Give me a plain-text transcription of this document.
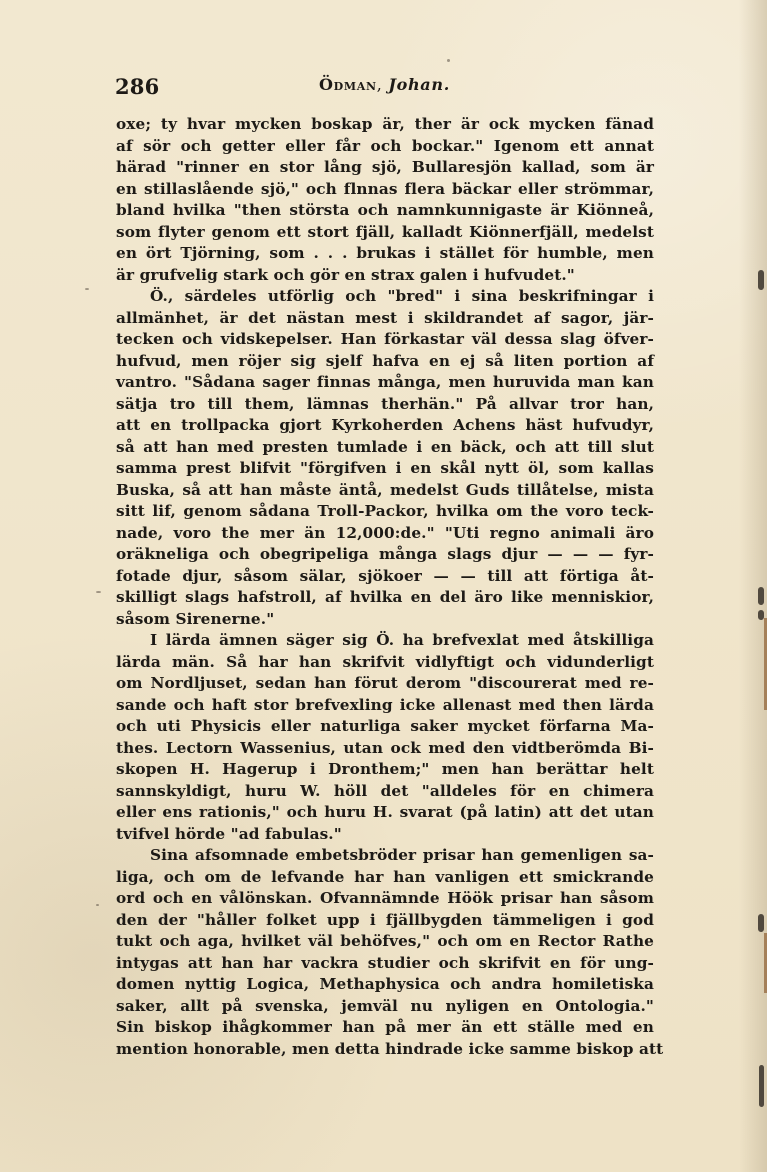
286	Ödman, Johan.
oxe; ty hvar mycken boskap är, ther är ock mycken fänad
af sör och getter eller får och bockar." Igenom ett annat
härad "rinner en stor lång sjö, Bullaresjön kallad, som är
en stillaslående sjö," och flnnas flera bäckar eller strömmar,
bland hvilka "then största och namnkunnigaste är Kiönneå,
som flyter genom ett stort fjäll, kalladt Kiönnerfjäll, medelst
en ört Tjörning, som . . . brukas i stället för humble, men
är grufvelig stark och gör en strax galen i hufvudet."
Ö., särdeles utförlig och "bred" i sina beskrifningar i
allmänhet, är det nästan mest i skildrandet af sagor, jär-
tecken och vidskepelser. Han förkastar väl dessa slag öfver-
hufvud, men röjer sig sjelf hafva en ej så liten portion af
vantro. "Sådana sager finnas många, men huruvida man kan
sätja tro till them, lämnas therhän." På allvar tror han,
att en trollpacka gjort Kyrkoherden Achens häst hufvudyr,
så att han med presten tumlade i en bäck, och att till slut
samma prest blifvit "förgifven i en skål nytt öl, som kallas
Buska, så att han måste äntå, medelst Guds tillåtelse, mista
sitt lif, genom sådana Troll-Packor, hvilka om the voro teck-
nade, voro the mer än 12,000:de." "Uti regno animali äro
oräkneliga och obegripeliga många slags djur — — — fyr-
fotade djur, såsom sälar, sjökoer — — till att förtiga åt-
skilligt slags hafstroll, af hvilka en del äro like menniskior,
såsom Sirenerne."
I lärda ämnen säger sig Ö. ha brefvexlat med åtskilliga
lärda män. Så har han skrifvit vidlyftigt och vidunderligt
om Nordljuset, sedan han förut derom "discourerat med re-
sande och haft stor brefvexling icke allenast med then lärda
och uti Physicis eller naturliga saker mycket förfarna Ma-
thes. Lectorn Wassenius, utan ock med den vidtberömda Bi-
skopen H. Hagerup i Dronthem;" men han berättar helt
sannskyldigt, huru W. höll det "alldeles för en chimera
eller ens rationis," och huru H. svarat (på latin) att det utan
tvifvel hörde "ad fabulas."
Sina afsomnade embetsbröder prisar han gemenligen sa-
liga, och om de lefvande har han vanligen ett smickrande
ord och en vålönskan. Ofvannämnde Höök prisar han såsom
den der "håller folket upp i fjällbygden tämmeligen i god
tukt och aga, hvilket väl behöfves," och om en Rector Rathe
intygas att han har vackra studier och skrifvit en för ung-
domen nyttig Logica, Methaphysica och andra homiletiska
saker, allt på svenska, jemväl nu nyligen en Ontologia."
Sin biskop ihågkommer han på mer än ett ställe med en
mention honorable, men detta hindrade icke samme biskop att
